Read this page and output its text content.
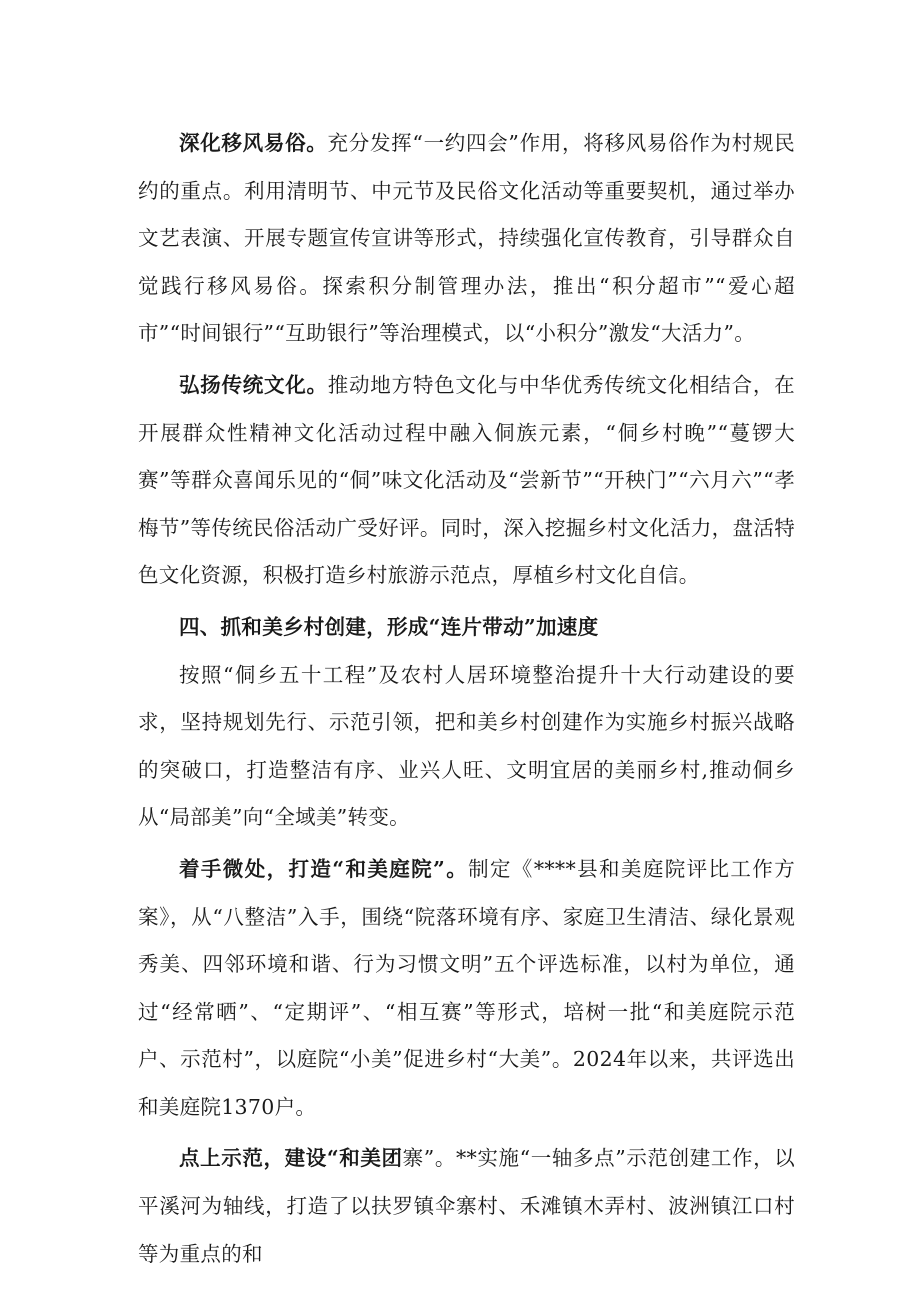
深化移风易俗。充分发挥“一约四会”作用，将移风易俗作为村规民约的重点。利用清明节、中元节及民俗文化活动等重要契机，通过举办文艺表演、开展专题宣传宣讲等形式，持续强化宣传教育，引导群众自觉践行移风易俗。探索积分制管理办法，推出“积分超市”“爱心超市”“时间银行”“互助银行”等治理模式，以“小积分”激发“大活力”。

弘扬传统文化。推动地方特色文化与中华优秀传统文化相结合，在开展群众性精神文化活动过程中融入侗族元素，“侗乡村晚”“蔓锣大赛”等群众喜闻乐见的“侗”味文化活动及“尝新节”“开秧门”“六月六”“孝梅节”等传统民俗活动广受好评。同时，深入挖掘乡村文化活力，盘活特色文化资源，积极打造乡村旅游示范点，厚植乡村文化自信。

四、抓和美乡村创建，形成“连片带动”加速度

按照“侗乡五十工程”及农村人居环境整治提升十大行动建设的要求，坚持规划先行、示范引领，把和美乡村创建作为实施乡村振兴战略的突破口，打造整洁有序、业兴人旺、文明宜居的美丽乡村,推动侗乡从“局部美”向“全域美”转变。

着手微处，打造“和美庭院”。制定《****县和美庭院评比工作方案》，从“八整洁”入手，围绕“院落环境有序、家庭卫生清洁、绿化景观秀美、四邻环境和谐、行为习惯文明”五个评选标准，以村为单位，通过“经常晒”、“定期评”、“相互赛”等形式，培树一批“和美庭院示范户、示范村”，以庭院“小美”促进乡村“大美”。2024年以来，共评选出和美庭院1370户。

点上示范，建设“和美团寨”。**实施“一轴多点”示范创建工作，以平溪河为轴线，打造了以扶罗镇伞寨村、禾滩镇木弄村、波洲镇江口村等为重点的和
